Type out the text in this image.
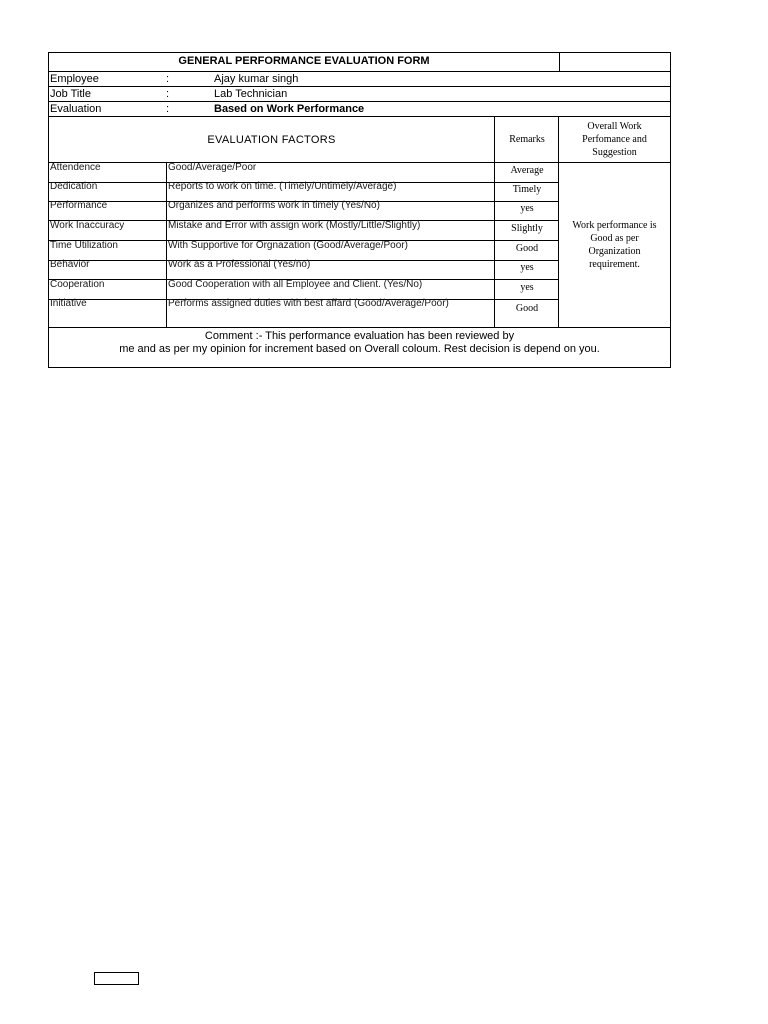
GENERAL PERFORMANCE EVALUATION FORM
Employee	:	Ajay kumar singh
Job Title	:	Lab Technician
Evaluation	:	Based on Work Performance
EVALUATION FACTORS	Remarks
Overall Work Perfomance and Suggestion
Attendence	Good/Average/Poor	Average
Dedication	Reports to work on time. (Timely/Untimely/Average)	Timely
Performance	Organizes and performs work in timely (Yes/No)	yes
Work Inaccuracy	Mistake and Error with assign work (Mostly/Little/Slightly)	Slightly
Time Utilization	With Supportive for Orgnazation (Good/Average/Poor)	Good
Behavior	Work as a Professional (Yes/no)	yes
Cooperation	Good Cooperation with all Employee and Client. (Yes/No)	yes
Initiative	Performs assigned duties with best affard (Good/Average/Poor)	Good
Work performance is Good as per Organization requirement.
Comment :- This performance evaluation has been reviewed by
me and as per my opinion for increment based on Overall coloum. Rest decision is depend on you.
